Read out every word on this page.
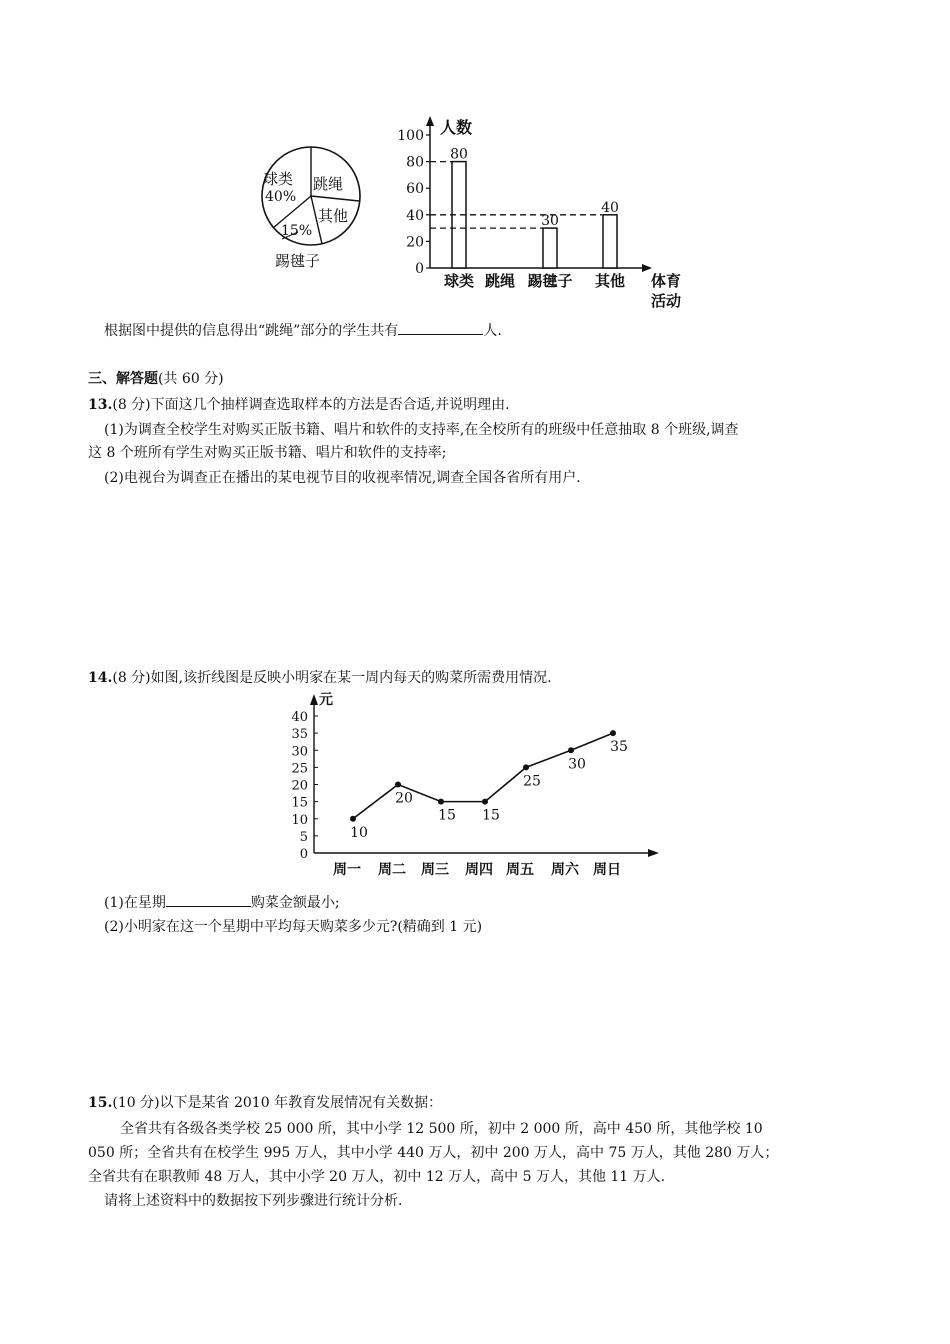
球类
40%
跳绳
其他
15%
踢毽子
人数
0
20
40
60
80
100
80
球类 跳绳
30
踢毽子
40
其他 体育
活动
根据图中提供的信息得出“跳绳”部分的学生共有	人.
三、解答题(共 60 分)
13.(8 分)下面这几个抽样调查选取样本的方法是否合适,并说明理由.
(1)为调查全校学生对购买正版书籍、唱片和软件的支持率,在全校所有的班级中任意抽取 8 个班级,调查
这 8 个班所有学生对购买正版书籍、唱片和软件的支持率;
(2)电视台为调查正在播出的某电视节目的收视率情况,调查全国各省所有用户.
14.(8 分)如图,该折线图是反映小明家在某一周内每天的购菜所需费用情况.
元
0
5
10
15
20
25
30
35
40
10
周一
20
周二
15
周三
15
周四
25
周五
30
周六
35
周日
(1)在星期	购菜金额最小;
(2)小明家在这一个星期中平均每天购菜多少元?(精确到 1 元)
15.(10 分)以下是某省 2010 年教育发展情况有关数据：
全省共有各级各类学校 25 000 所，其中小学 12 500 所，初中 2 000 所，高中 450 所，其他学校 10
050 所；全省共有在校学生 995 万人，其中小学 440 万人，初中 200 万人，高中 75 万人，其他 280 万人；
全省共有在职教师 48 万人，其中小学 20 万人，初中 12 万人，高中 5 万人，其他 11 万人.
请将上述资料中的数据按下列步骤进行统计分析.
